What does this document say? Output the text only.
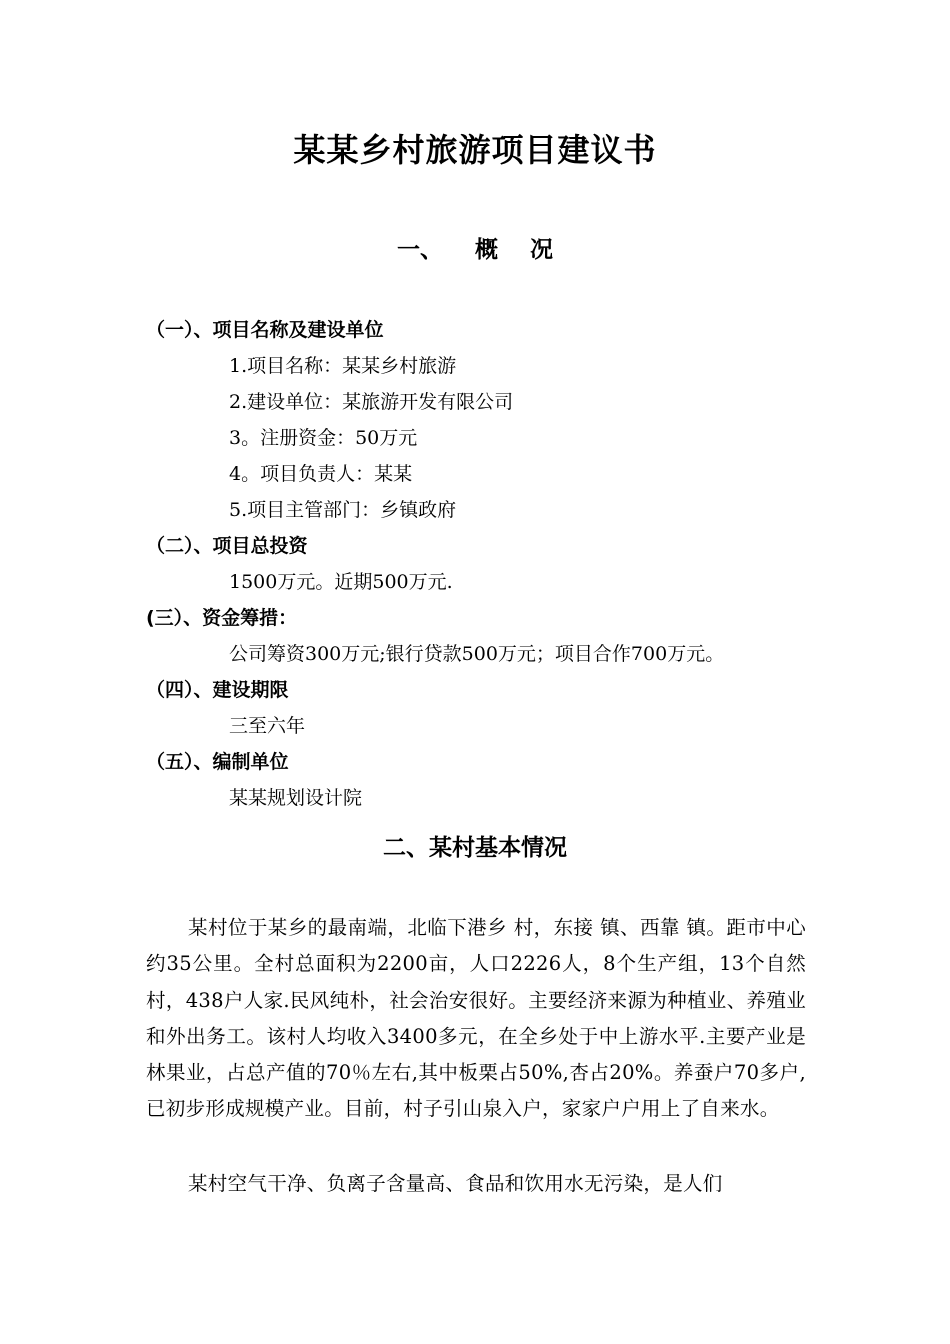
某某乡村旅游项目建议书
一、    概    况
（一）、项目名称及建设单位
1.项目名称：某某乡村旅游
2.建设单位：某旅游开发有限公司
3。注册资金：50万元
4。项目负责人：某某
5.项目主管部门：乡镇政府
（二）、项目总投资
1500万元。近期500万元.
(三）、资金筹措：
公司筹资300万元;银行贷款500万元；项目合作700万元。
（四）、建设期限
三至六年
（五）、编制单位
某某规划设计院
二、某村基本情况

某村位于某乡的最南端，北临下港乡 村，东接 镇、西靠 镇。距市中心约35公里。全村总面积为2200亩，人口2226人，8个生产组，13个自然村，438户人家.民风纯朴，社会治安很好。主要经济来源为种植业、养殖业和外出务工。该村人均收入3400多元，在全乡处于中上游水平.主要产业是林果业，占总产值的70％左右,其中板栗占50%,杏占20%。养蚕户70多户,已初步形成规模产业。目前，村子引山泉入户，家家户户用上了自来水。

某村空气干净、负离子含量高、食品和饮用水无污染，是人们
